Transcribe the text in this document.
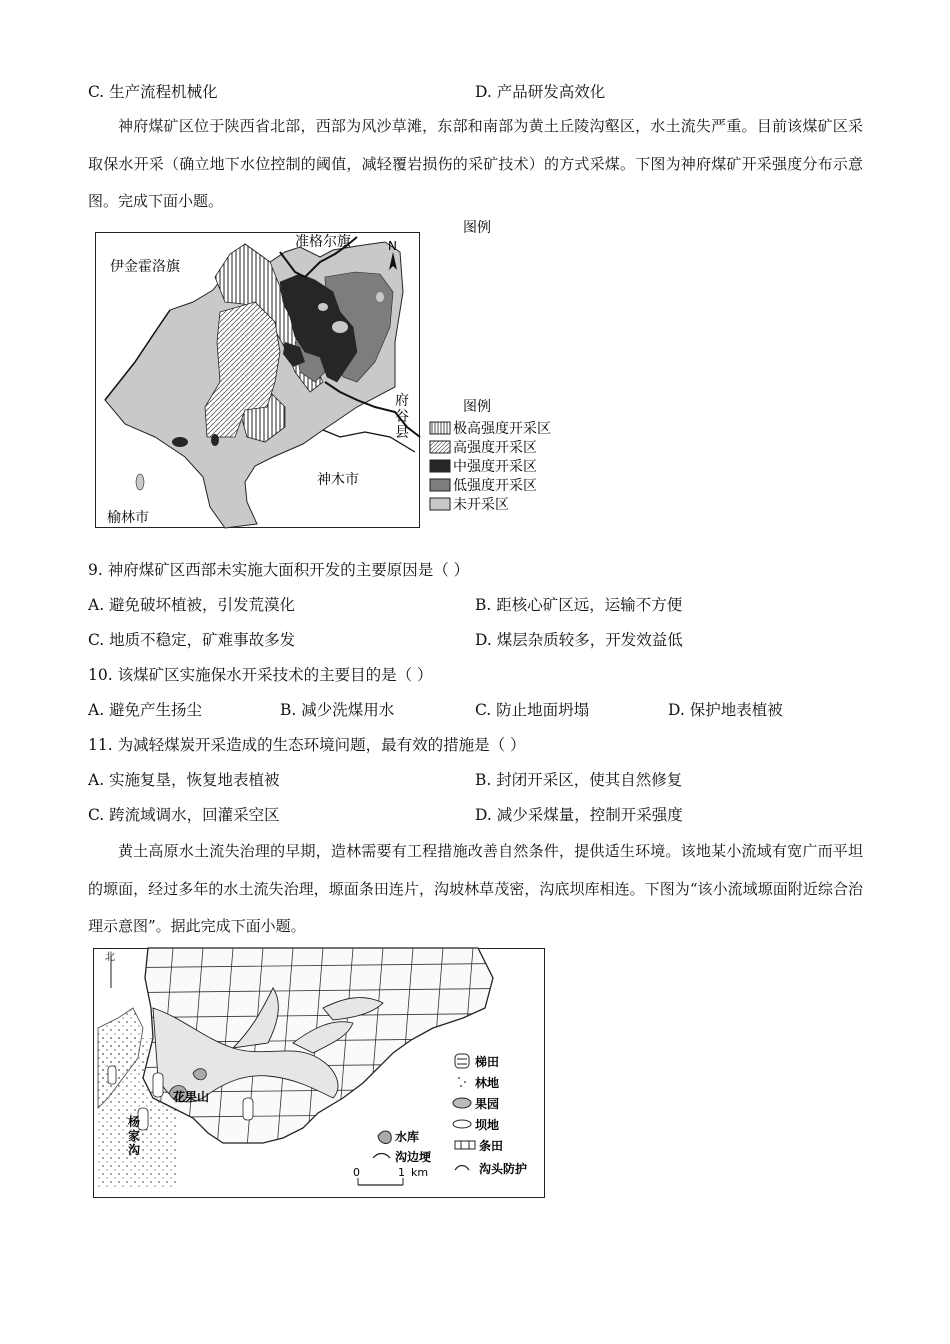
C. 生产流程机械化	D. 产品研发高效化
神府煤矿区位于陕西省北部，西部为风沙草滩，东部和南部为黄土丘陵沟壑区，水土流失严重。目前该煤矿区采取保水开采（确立地下水位控制的阈值，减轻覆岩损伤的采矿技术）的方式采煤。下图为神府煤矿开采强度分布示意图。完成下面小题。
N
准格尔旗
伊金霍洛旗
府
谷
县
神木市
榆林市
图例
图例
极高强度开采区
高强度开采区
中强度开采区
低强度开采区
未开采区
9. 神府煤矿区西部未实施大面积开发的主要原因是（ ）
A. 避免破坏植被，引发荒漠化	B. 距核心矿区远，运输不方便
C. 地质不稳定，矿难事故多发	D. 煤层杂质较多，开发效益低
10. 该煤矿区实施保水开采技术的主要目的是（ ）
A. 避免产生扬尘	B. 减少洗煤用水	C. 防止地面坍塌	D. 保护地表植被
11. 为减轻煤炭开采造成的生态环境问题，最有效的措施是（ ）
A. 实施复垦，恢复地表植被	B. 封闭开采区，使其自然修复
C. 跨流域调水，回灌采空区	D. 减少采煤量，控制开采强度
黄土高原水土流失治理的早期，造林需要有工程措施改善自然条件，提供适生环境。该地某小流域有宽广而平坦的塬面，经过多年的水土流失治理，塬面条田连片，沟坡林草茂密，沟底坝库相连。下图为“该小流域塬面附近综合治理示意图”。据此完成下面小题。
北
花果山
杨
家
沟
0	1 km
梯田
林地
果园
坝地
水库
条田
沟边埂
沟头防护
